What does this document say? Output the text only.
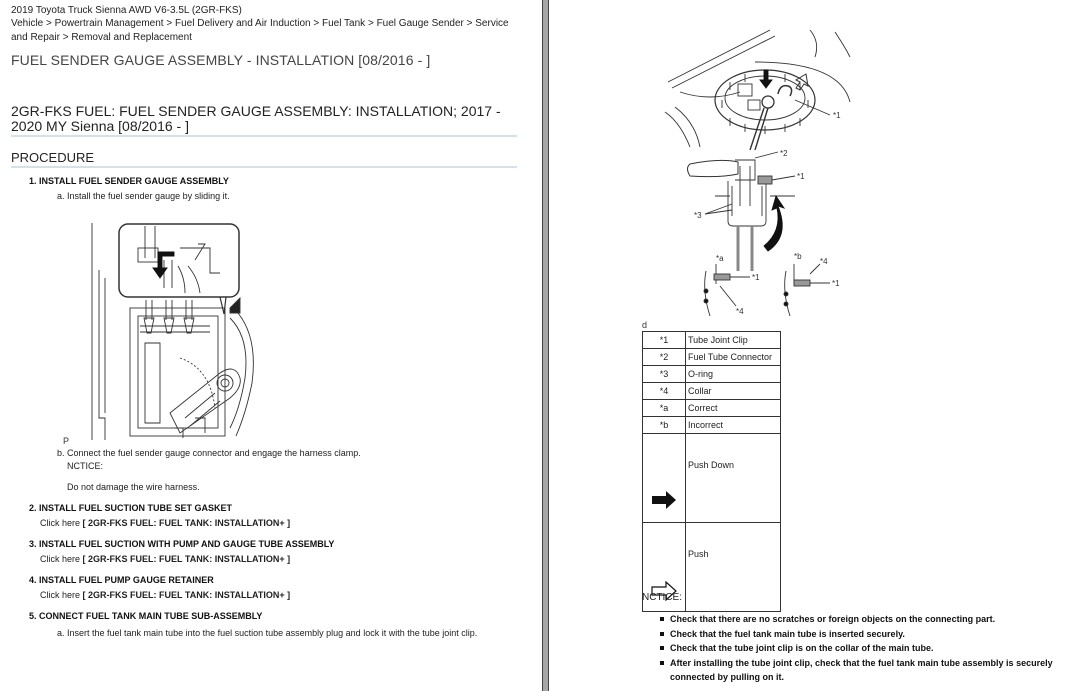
2019 Toyota Truck Sienna AWD V6-3.5L (2GR-FKS)
Vehicle > Powertrain Management > Fuel Delivery and Air Induction > Fuel Tank > Fuel Gauge Sender > Service and Repair > Removal and Replacement
FUEL SENDER GAUGE ASSEMBLY - INSTALLATION [08/2016 - ]
2GR-FKS FUEL: FUEL SENDER GAUGE ASSEMBLY: INSTALLATION; 2017 - 2020 MY Sienna [08/2016 - ]
PROCEDURE
1. INSTALL FUEL SENDER GAUGE ASSEMBLY
a. Install the fuel sender gauge by sliding it.
P
b. Connect the fuel sender gauge connector and engage the harness clamp.
NCTICE:
Do not damage the wire harness.
2. INSTALL FUEL SUCTION TUBE SET GASKET
Click here [ 2GR-FKS FUEL: FUEL TANK: INSTALLATION+ ]
3. INSTALL FUEL SUCTION WITH PUMP AND GAUGE TUBE ASSEMBLY
Click here [ 2GR-FKS FUEL: FUEL TANK: INSTALLATION+ ]
4. INSTALL FUEL PUMP GAUGE RETAINER
Click here [ 2GR-FKS FUEL: FUEL TANK: INSTALLATION+ ]
5. CONNECT FUEL TANK MAIN TUBE SUB-ASSEMBLY
a. Insert the fuel tank main tube into the fuel suction tube assembly plug and lock it with the tube joint clip.
*1
*2
*1
*3
*a
*1
*4
*b
*4
*1
d
*1	Tube Joint Clip
*2	Fuel Tube Connector
*3	O-ring
*4	Collar
*a	Correct
*b	Incorrect
	Push Down
	Push
NCTICE:
Check that there are no scratches or foreign objects on the connecting part.
Check that the fuel tank main tube is inserted securely.
Check that the tube joint clip is on the collar of the main tube.
After installing the tube joint clip, check that the fuel tank main tube assembly is securely connected by pulling on it.
